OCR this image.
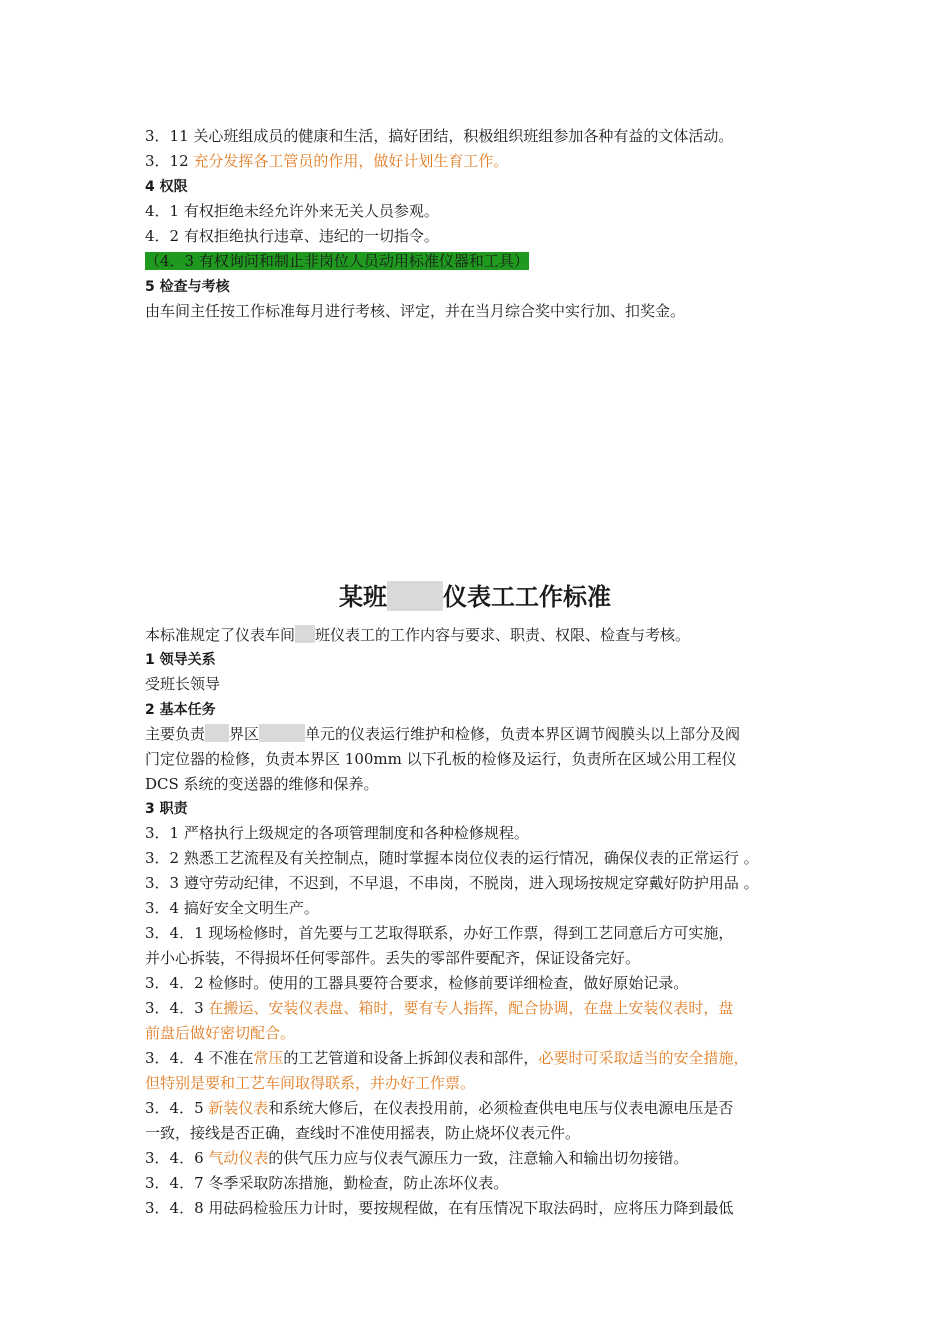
3．11 关心班组成员的健康和生活，搞好团结，积极组织班组参加各种有益的文体活动。
3．12 充分发挥各工管员的作用，做好计划生育工作。
4 权限
4．1 有权拒绝未经允许外来无关人员参观。
4．2 有权拒绝执行违章、违纪的一切指令。
（4．3 有权询问和制止非岗位人员动用标准仪器和工具）
5 检查与考核
由车间主任按工作标准每月进行考核、评定，并在当月综合奖中实行加、扣奖金。
某班 仪表工工作标准
本标准规定了仪表车间 班仪表工的工作内容与要求、职责、权限、检查与考核。
1 领导关系
受班长领导
2 基本任务
主要负责 界区	单元的仪表运行维护和检修，负责本界区调节阀膜头以上部分及阀
门定位器的检修，负责本界区 100mm 以下孔板的检修及运行，负责所在区域公用工程仪
DCS 系统的变送器的维修和保养。
3 职责
3．1 严格执行上级规定的各项管理制度和各种检修规程。
3．2 熟悉工艺流程及有关控制点，随时掌握本岗位仪表的运行情况，确保仪表的正常运行 。
3．3 遵守劳动纪律，不迟到，不早退，不串岗，不脱岗，进入现场按规定穿戴好防护用品 。
3．4 搞好安全文明生产。
3．4．1 现场检修时，首先要与工艺取得联系，办好工作票，得到工艺同意后方可实施，
并小心拆装，不得损坏任何零部件。丢失的零部件要配齐，保证设备完好。
3．4．2 检修时。使用的工器具要符合要求，检修前要详细检查，做好原始记录。
3．4．3 在搬运、安装仪表盘、箱时，要有专人指挥，配合协调，在盘上安装仪表时，盘
前盘后做好密切配合。
3．4．4 不准在常压的工艺管道和设备上拆卸仪表和部件，必要时可采取适当的安全措施，
但特别是要和工艺车间取得联系，并办好工作票。
3．4．5 新装仪表和系统大修后，在仪表投用前，必须检查供电电压与仪表电源电压是否
一致，接线是否正确，查线时不准使用摇表，防止烧坏仪表元件。
3．4．6 气动仪表的供气压力应与仪表气源压力一致，注意输入和输出切勿接错。
3．4．7 冬季采取防冻措施，勤检查，防止冻坏仪表。
3．4．8 用砝码检验压力计时，要按规程做，在有压情况下取法码时，应将压力降到最低
